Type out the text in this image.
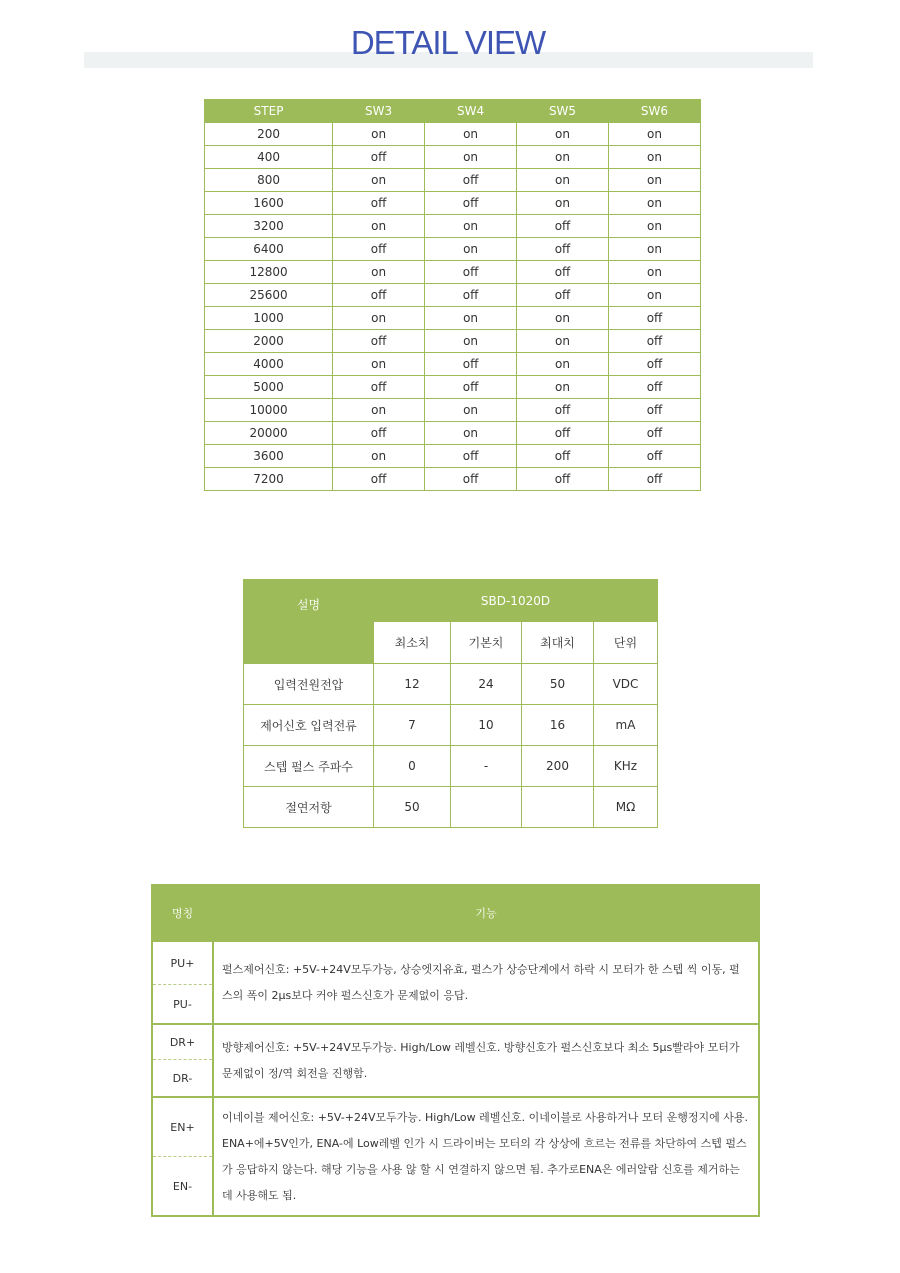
DETAIL VIEW
STEP	SW3	SW4	SW5	SW6
200	on	on	on	on
400	off	on	on	on
800	on	off	on	on
1600	off	off	on	on
3200	on	on	off	on
6400	off	on	off	on
12800	on	off	off	on
25600	off	off	off	on
1000	on	on	on	off
2000	off	on	on	off
4000	on	off	on	off
5000	off	off	on	off
10000	on	on	off	off
20000	off	on	off	off
3600	on	off	off	off
7200	off	off	off	off
설명	SBD-1020D			
	최소치	기본치	최대치	단위
입력전원전압	12	24	50	VDC
제어신호 입력전류	7	10	16	mA
스텝 펄스 주파수	0	-	200	KHz
절연저항	50			MΩ
명칭	기능
PU+	펄스제어신호: +5V-+24V모두가능, 상승엣지유효, 펄스가 상승단계에서 하락 시 모터가 한 스텝 씩 이동, 펄스의 폭이 2μs보다 커야 펄스신호가 문제없이 응답.
PU-	
DR+	방향제어신호: +5V-+24V모두가능. High/Low 레벨신호. 방향신호가 펄스신호보다 최소 5μs빨라야 모터가 문제없이 정/역 회전을 진행함.
DR-	
EN+	이네이블 제어신호: +5V-+24V모두가능. High/Low 레벨신호. 이네이블로 사용하거나 모터 운행정지에 사용. ENA+에+5V인가, ENA-에 Low레벨 인가 시 드라이버는 모터의 각 상상에 흐르는 전류를 차단하여 스텝 펄스가 응답하지 않는다. 해당 기능을 사용 않 할 시 연결하지 않으면 됨. 추가로ENA은 에러알람 신호를 제거하는데 사용해도 됨.
EN-	
